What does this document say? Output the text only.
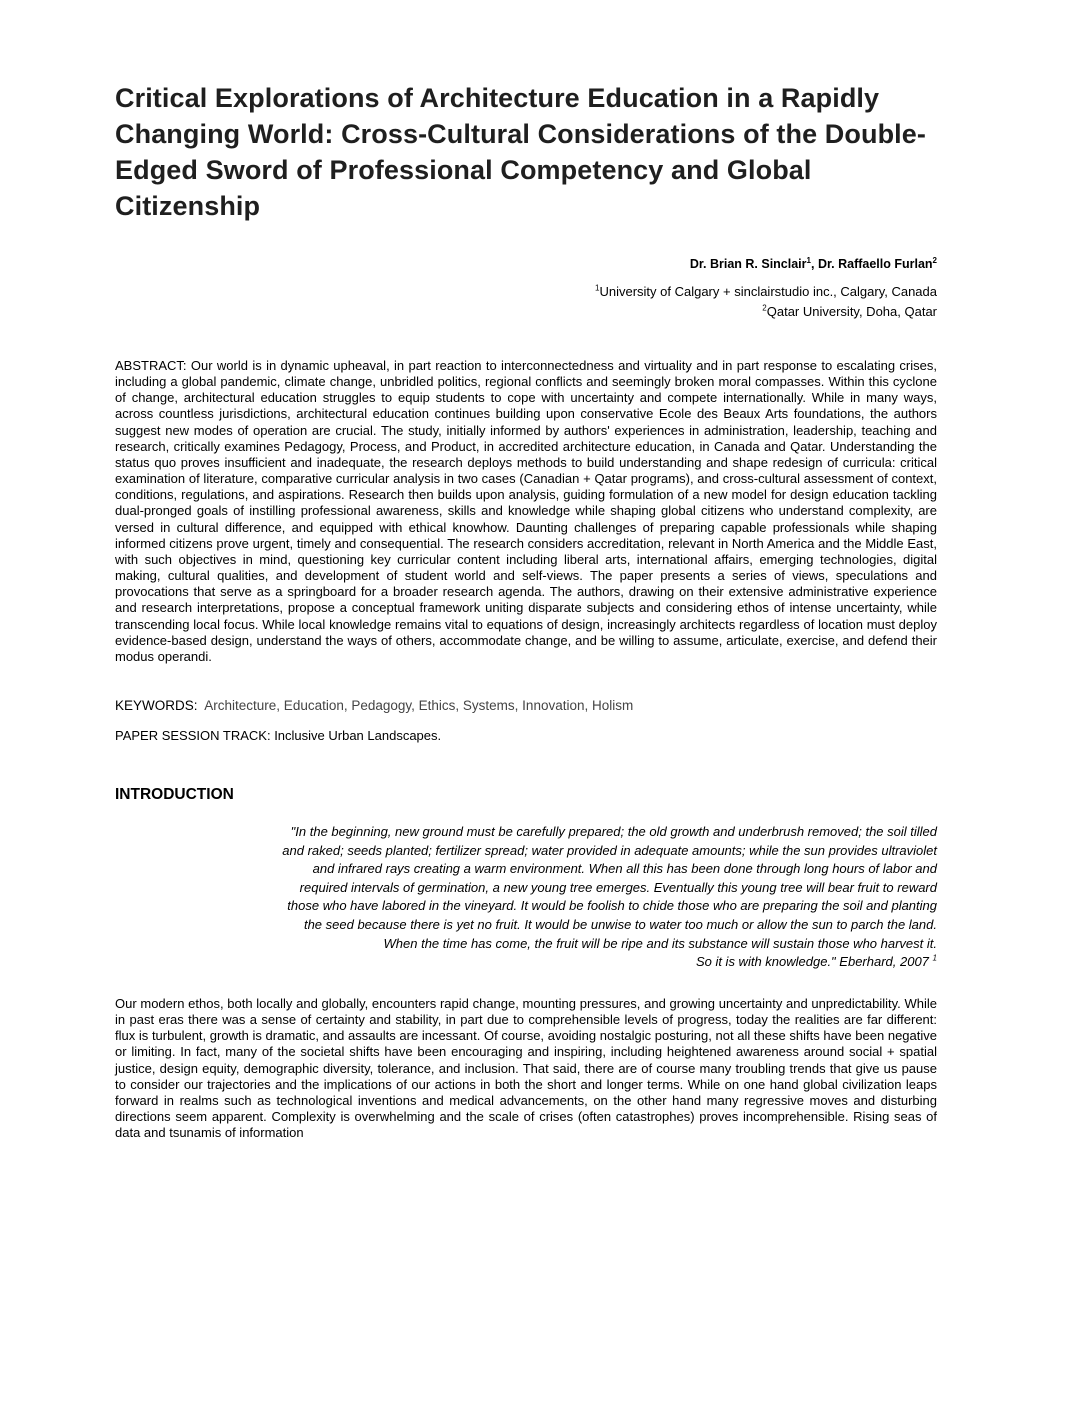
Critical Explorations of Architecture Education in a Rapidly Changing World: Cross-Cultural Considerations of the Double-Edged Sword of Professional Competency and Global Citizenship
Dr. Brian R. Sinclair$^1$, Dr. Raffaello Furlan$^2$
$^1$University of Calgary + sinclairstudio inc., Calgary, Canada
$^2$Qatar University, Doha, Qatar

ABSTRACT: Our world is in dynamic upheaval, in part reaction to interconnectedness and virtuality and in part response to escalating crises, including a global pandemic, climate change, unbridled politics, regional conflicts and seemingly broken moral compasses. Within this cyclone of change, architectural education struggles to equip students to cope with uncertainty and compete internationally. While in many ways, across countless jurisdictions, architectural education continues building upon conservative Ecole des Beaux Arts foundations, the authors suggest new modes of operation are crucial. The study, initially informed by authors' experiences in administration, leadership, teaching and research, critically examines Pedagogy, Process, and Product, in accredited architecture education, in Canada and Qatar. Understanding the status quo proves insufficient and inadequate, the research deploys methods to build understanding and shape redesign of curricula: critical examination of literature, comparative curricular analysis in two cases (Canadian + Qatar programs), and cross-cultural assessment of context, conditions, regulations, and aspirations. Research then builds upon analysis, guiding formulation of a new model for design education tackling dual-pronged goals of instilling professional awareness, skills and knowledge while shaping global citizens who understand complexity, are versed in cultural difference, and equipped with ethical knowhow. Daunting challenges of preparing capable professionals while shaping informed citizens prove urgent, timely and consequential. The research considers accreditation, relevant in North America and the Middle East, with such objectives in mind, questioning key curricular content including liberal arts, international affairs, emerging technologies, digital making, cultural qualities, and development of student world and self-views. The paper presents a series of views, speculations and provocations that serve as a springboard for a broader research agenda. The authors, drawing on their extensive administrative experience and research interpretations, propose a conceptual framework uniting disparate subjects and considering ethos of intense uncertainty, while transcending local focus. While local knowledge remains vital to equations of design, increasingly architects regardless of location must deploy evidence-based design, understand the ways of others, accommodate change, and be willing to assume, articulate, exercise, and defend their modus operandi.

KEYWORDS: Architecture, Education, Pedagogy, Ethics, Systems, Innovation, Holism
PAPER SESSION TRACK: Inclusive Urban Landscapes.
INTRODUCTION
"In the beginning, new ground must be carefully prepared; the old growth and underbrush removed; the soil tilled
and raked; seeds planted; fertilizer spread; water provided in adequate amounts; while the sun provides ultraviolet
and infrared rays creating a warm environment. When all this has been done through long hours of labor and
required intervals of germination, a new young tree emerges. Eventually this young tree will bear fruit to reward
those who have labored in the vineyard. It would be foolish to chide those who are preparing the soil and planting
the seed because there is yet no fruit. It would be unwise to water too much or allow the sun to parch the land.
When the time has come, the fruit will be ripe and its substance will sustain those who harvest it.
So it is with knowledge." Eberhard, 2007 $^1$

Our modern ethos, both locally and globally, encounters rapid change, mounting pressures, and growing uncertainty and unpredictability. While in past eras there was a sense of certainty and stability, in part due to comprehensible levels of progress, today the realities are far different: flux is turbulent, growth is dramatic, and assaults are incessant. Of course, avoiding nostalgic posturing, not all these shifts have been negative or limiting. In fact, many of the societal shifts have been encouraging and inspiring, including heightened awareness around social + spatial justice, design equity, demographic diversity, tolerance, and inclusion. That said, there are of course many troubling trends that give us pause to consider our trajectories and the implications of our actions in both the short and longer terms. While on one hand global civilization leaps forward in realms such as technological inventions and medical advancements, on the other hand many regressive moves and disturbing directions seem apparent. Complexity is overwhelming and the scale of crises (often catastrophes) proves incomprehensible. Rising seas of data and tsunamis of information
